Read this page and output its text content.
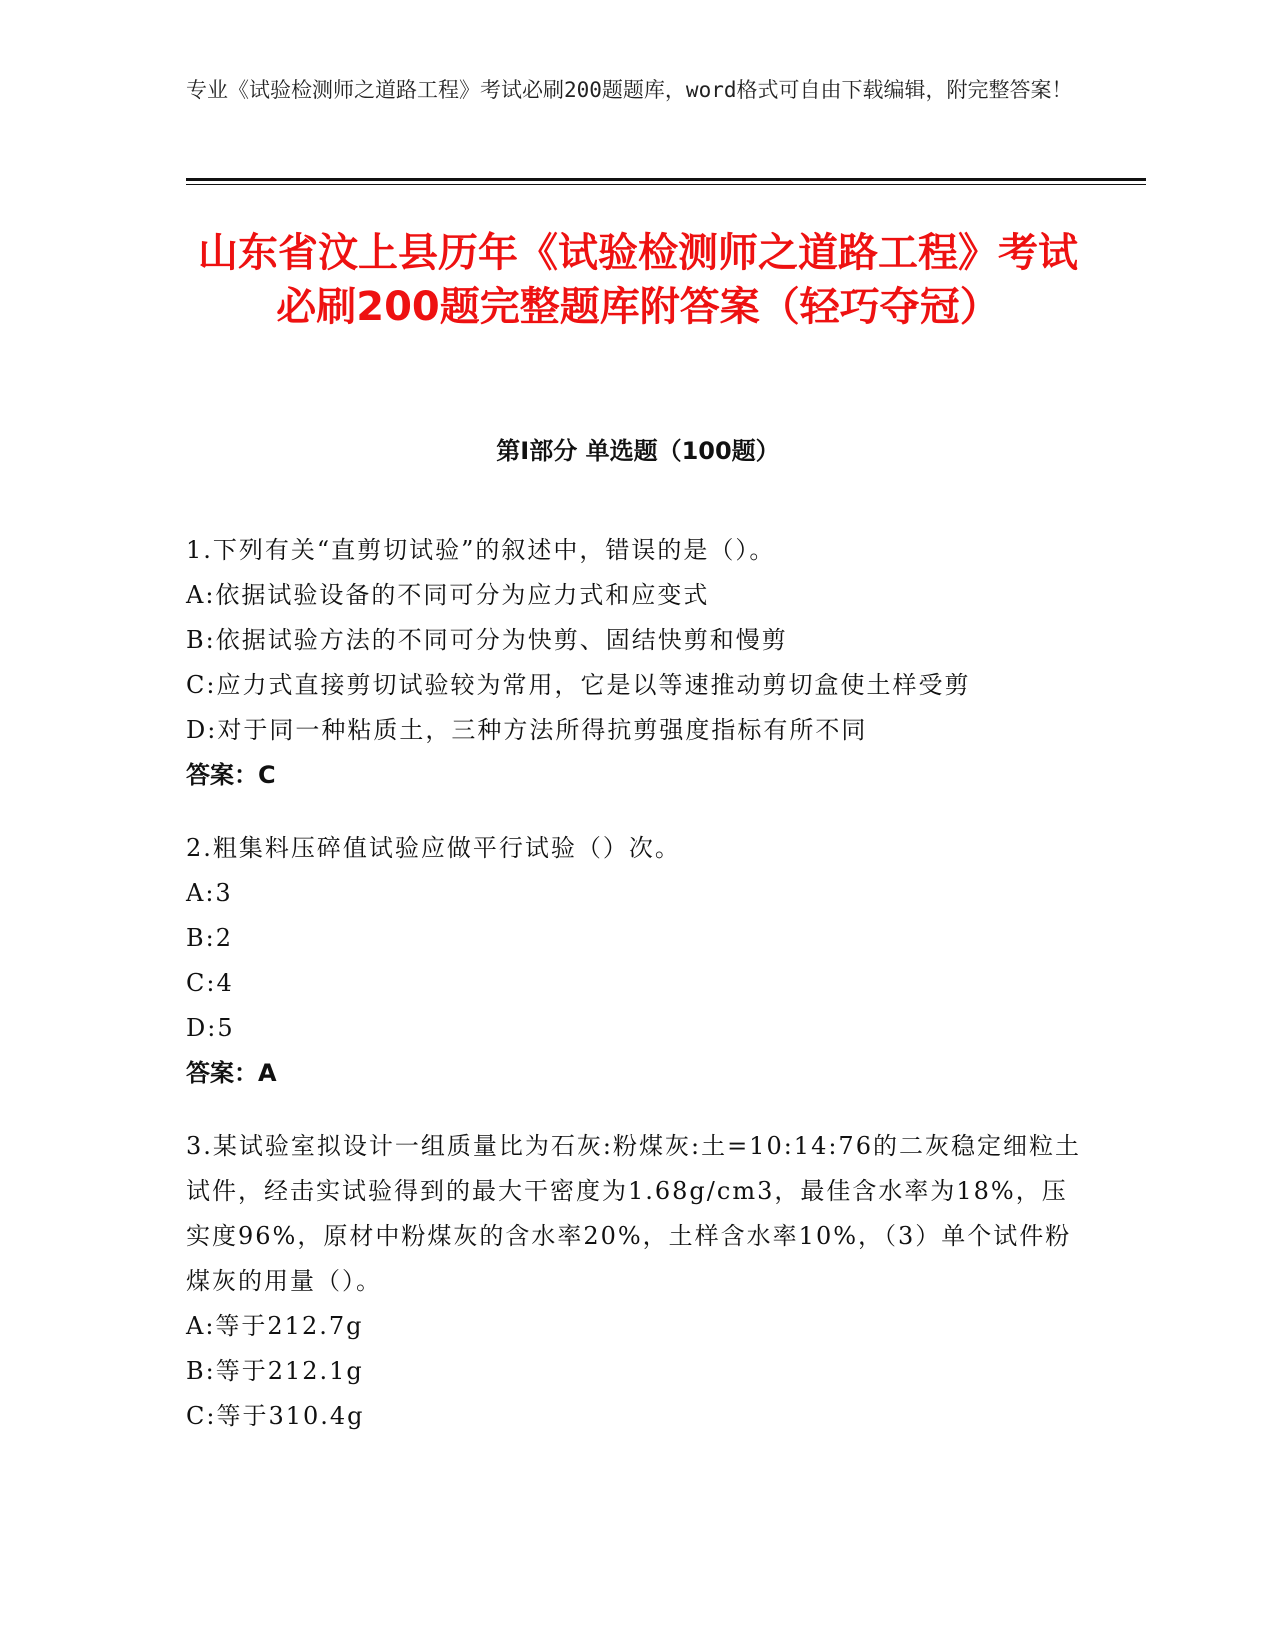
专业《试验检测师之道路工程》考试必刷200题题库，word格式可自由下载编辑，附完整答案！

山东省汶上县历年《试验检测师之道路工程》考试必刷200题完整题库附答案（轻巧夺冠）
第Ⅰ部分 单选题（100题）

1.下列有关“直剪切试验”的叙述中，错误的是（）。

A:依据试验设备的不同可分为应力式和应变式

B:依据试验方法的不同可分为快剪、固结快剪和慢剪

C:应力式直接剪切试验较为常用，它是以等速推动剪切盒使土样受剪

D:对于同一种粘质土，三种方法所得抗剪强度指标有所不同

答案：C

2.粗集料压碎值试验应做平行试验（）次。

A:3

B:2

C:4

D:5

答案：A

3.某试验室拟设计一组质量比为石灰:粉煤灰:土=10:14:76的二灰稳定细粒土试件，经击实试验得到的最大干密度为1.68g/cm3，最佳含水率为18%，压实度96%，原材中粉煤灰的含水率20%，土样含水率10%，（3）单个试件粉煤灰的用量（）。

A:等于212.7g

B:等于212.1g

C:等于310.4g
